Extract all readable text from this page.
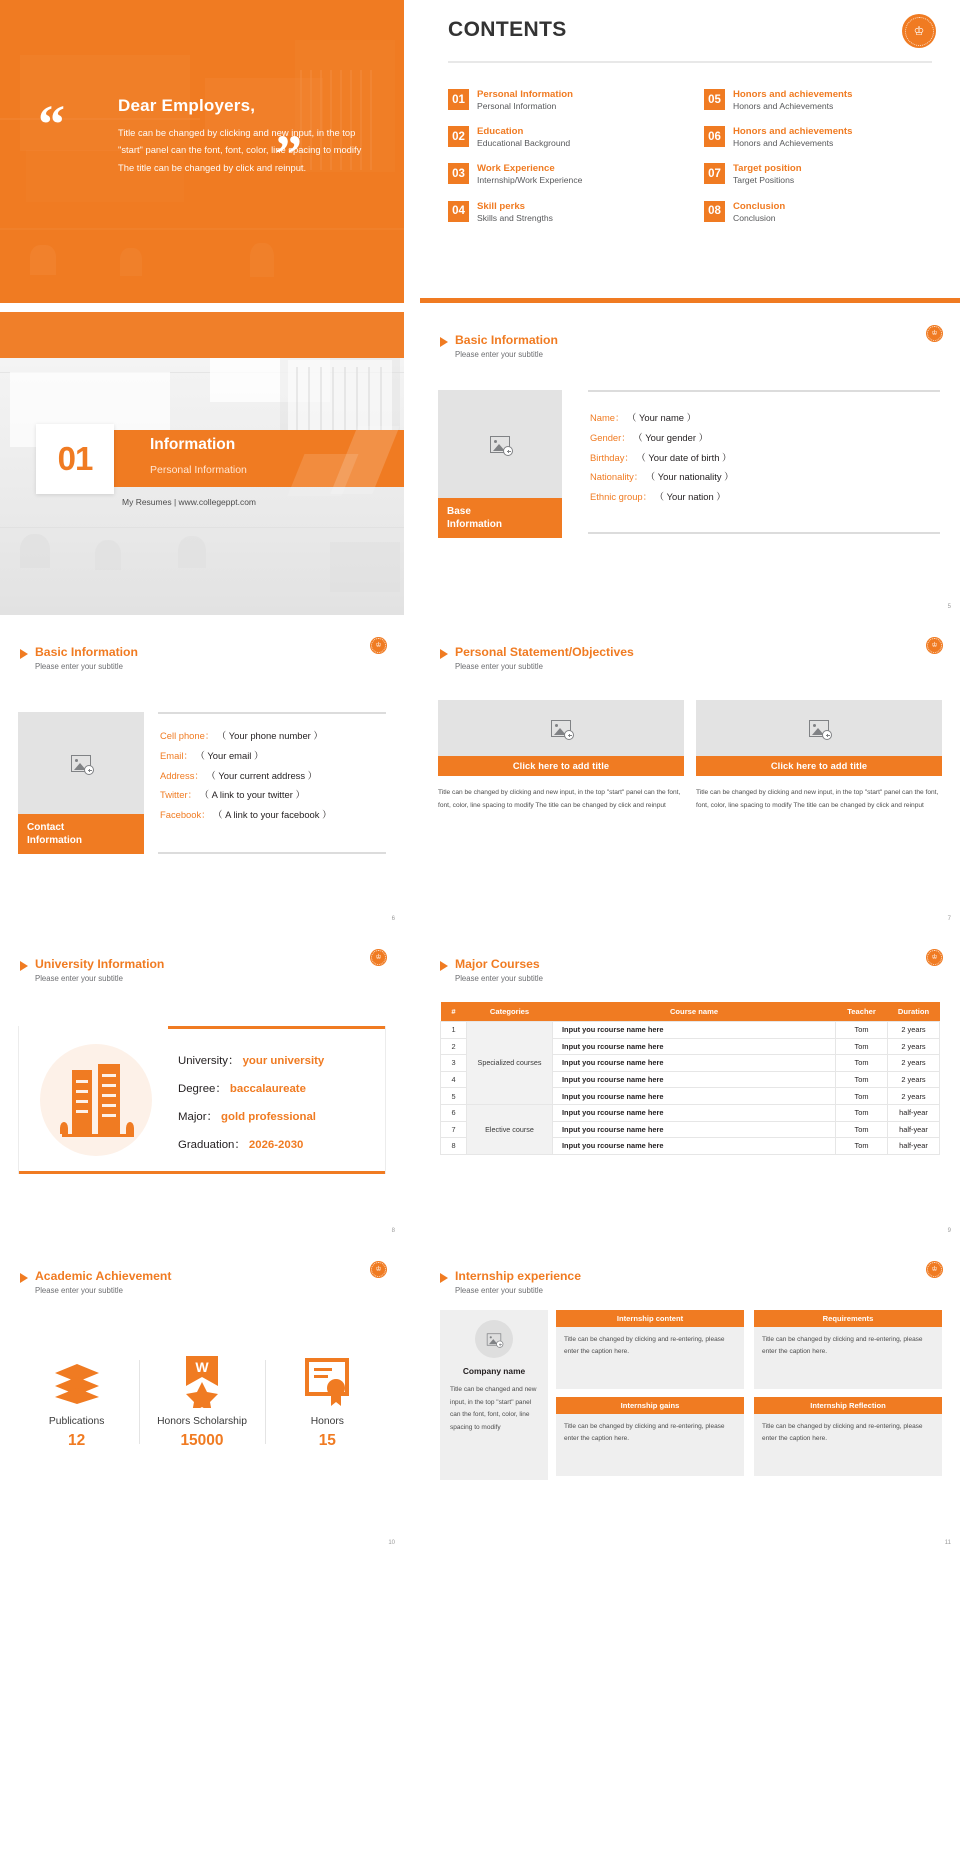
“	Dear Employers,
Title can be changed by clicking and new input, in the top "start" panel can the font, font, color, line spacing to modify The title can be changed by click and reinput.
”
CONTENTS	♔
01	Personal Information
Personal Information
05	Honors and achievements
Honors and Achievements
02	Education
Educational Background
06	Honors and achievements
Honors and Achievements
03	Work Experience
Internship/Work Experience
07	Target position
Target Positions
04	Skill perks
Skills and Strengths
08	Conclusion
Conclusion
01	Information
Personal Information
My Resumes | www.collegeppt.com
Basic Information
Please enter your subtitle
♔
Base
Information
Name： （ Your name ）
Gender： （ Your gender ）
Birthday： （ Your date of birth ）
Nationality： （ Your nationality ）
Ethnic group： （ Your nation ）
5
Basic Information
Please enter your subtitle
♔
Contact
Information
Cell phone： （ Your phone number ）
Email： （ Your email ）
Address： （ Your current address ）
Twitter： （ A link to your twitter ）
Facebook： （ A link to your facebook ）
6
Personal Statement/Objectives
Please enter your subtitle
♔
Click here to add title
Title can be changed by clicking and new input, in the top "start" panel can the font, font, color, line spacing to modify The title can be changed by click and reinput
Click here to add title
Title can be changed by clicking and new input, in the top "start" panel can the font, font, color, line spacing to modify The title can be changed by click and reinput
7
University Information
Please enter your subtitle
♔
University： your university
Degree： baccalaureate
Major： gold professional
Graduation： 2026-2030
8
Major Courses
Please enter your subtitle
♔
#	Categories	Course name	Teacher	Duration
1	Specialized courses	Input you rcourse name here	Tom	2 years
2		Input you rcourse name here	Tom	2 years
3		Input you rcourse name here	Tom	2 years
4		Input you rcourse name here	Tom	2 years
5		Input you rcourse name here	Tom	2 years
6	Elective course	Input you rcourse name here	Tom	half-year
7		Input you rcourse name here	Tom	half-year
8		Input you rcourse name here	Tom	half-year
9
Academic Achievement
Please enter your subtitle
♔
Publications
12
W
Honors Scholarship
15000
Honors
15
10
Internship experience
Please enter your subtitle
♔
Company name
Title can be changed and new input, in the top "start" panel can the font, font, color, line spacing to modify
Internship content
Title can be changed by clicking and re-entering, please enter the caption here.
Requirements
Title can be changed by clicking and re-entering, please enter the caption here.
Internship gains
Title can be changed by clicking and re-entering, please enter the caption here.
Internship Reflection
Title can be changed by clicking and re-entering, please enter the caption here.
11
